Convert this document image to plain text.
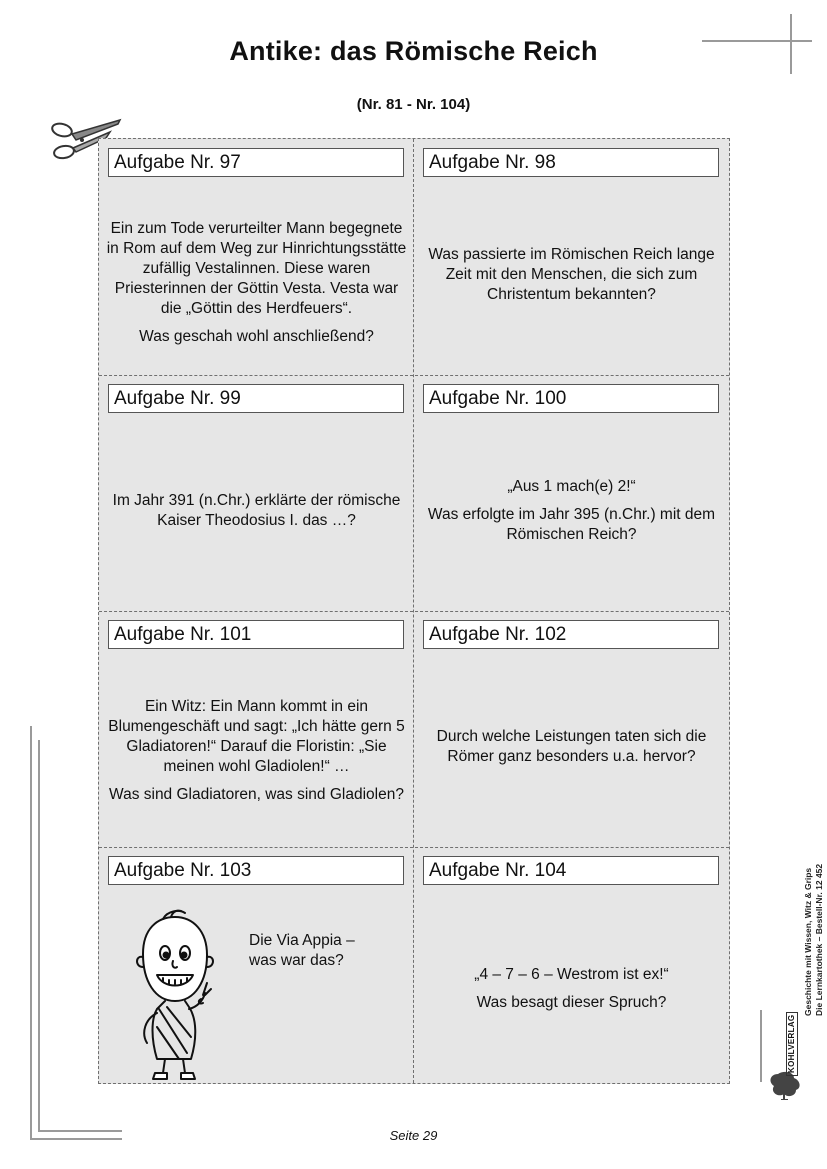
Antike: das Römische Reich
(Nr. 81 - Nr. 104)
Aufgabe Nr. 97

Ein zum Tode verurteilter Mann begegnete in Rom auf dem Weg zur Hinrichtungsstätte zufällig Vestalinnen. Diese waren Priesterinnen der Göttin Vesta. Vesta war die „Göttin des Herdfeuers“.

Was geschah wohl anschließend?

Aufgabe Nr. 98

Was passierte im Römischen Reich lange Zeit mit den Menschen, die sich zum Christentum bekannten?

Aufgabe Nr. 99

Im Jahr 391 (n.Chr.) erklärte der römische Kaiser Theodosius I. das …?

Aufgabe Nr. 100

„Aus 1 mach(e) 2!“

Was erfolgte im Jahr 395 (n.Chr.) mit dem Römischen Reich?

Aufgabe Nr. 101

Ein Witz: Ein Mann kommt in ein Blumengeschäft und sagt: „Ich hätte gern 5 Gladiatoren!“ Darauf die Floristin: „Sie meinen wohl Gladiolen!“ …

Was sind Gladiatoren, was sind Gladiolen?

Aufgabe Nr. 102

Durch welche Leistungen taten sich die Römer ganz besonders u.a. hervor?

Aufgabe Nr. 103
Die Via Appia – was war das?
Aufgabe Nr. 104

„4 – 7 – 6 – Westrom ist ex!“

Was besagt dieser Spruch?	Geschichte mit Wissen, Witz & Grips Die Lernkartothek – Bestell-Nr. 12 452
KOHLVERLAG
Seite 29
